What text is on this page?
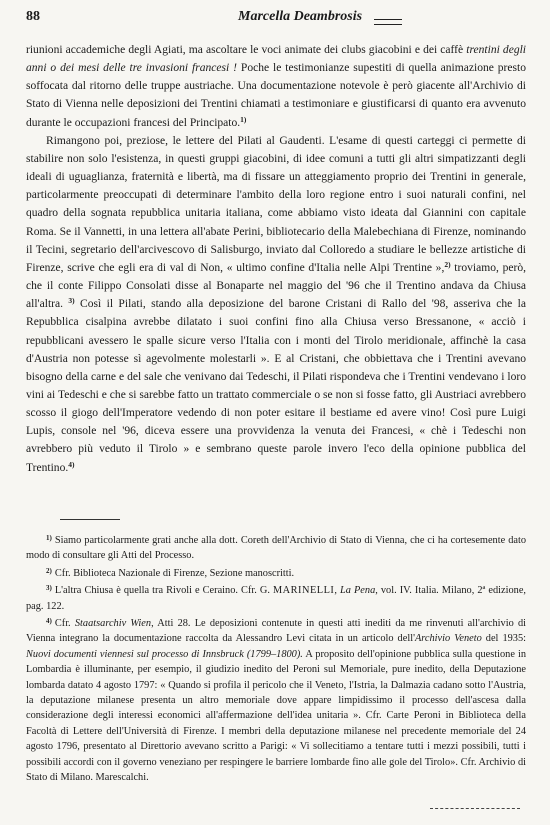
88	Marcella Deambrosis

riunioni accademiche degli Agiati, ma ascoltare le voci animate dei clubs giacobini e dei caffè trentini degli anni o dei mesi delle tre invasioni francesi ! Poche le testimonianze supestiti di quella animazione presto soffocata dal ritorno delle truppe austriache. Una documentazione notevole è però giacente all'Archivio di Stato di Vienna nelle deposizioni dei Trentini chiamati a testimoniare e giustificarsi di quanto era avvenuto durante le occupazioni francesi del Principato.$^{1)}$

Rimangono poi, preziose, le lettere del Pilati al Gaudenti. L'esame di questi carteggi ci permette di stabilire non solo l'esistenza, in questi gruppi giacobini, di idee comuni a tutti gli altri simpatizzanti degli ideali di uguaglianza, fraternità e libertà, ma di fissare un atteggiamento proprio dei Trentini in generale, particolarmente preoccupati di determinare l'ambito della loro regione entro i suoi naturali confini, nel quadro della sognata repubblica unitaria italiana, come abbiamo visto ideata dal Giannini con capitale Roma. Se il Vannetti, in una lettera all'abate Perini, bibliotecario della Malebechiana di Firenze, nominando il Tecini, segretario dell'arcivescovo di Salisburgo, inviato dal Colloredo a studiare le bellezze artistiche di Firenze, scrive che egli era di val di Non, « ultimo confine d'Italia nelle Alpi Trentine »,$^{2)}$ troviamo, però, che il conte Filippo Consolati disse al Bonaparte nel maggio del '96 che il Trentino andava da Chiusa all'altra. $^{3)}$ Così il Pilati, stando alla deposizione del barone Cristani di Rallo del '98, asseriva che la Repubblica cisalpina avrebbe dilatato i suoi confini fino alla Chiusa verso Bressanone, « acciò i repubblicani avessero le spalle sicure verso l'Italia con i monti del Tirolo meridionale, affinchè la casa d'Austria non potesse sì agevolmente molestarli ». E al Cristani, che obbiettava che i Trentini avevano bisogno della carne e del sale che venivano dai Tedeschi, il Pilati rispondeva che i Trentini vendevano i loro vini ai Tedeschi e che si sarebbe fatto un trattato commerciale o se non si fosse fatto, gli Austriaci avrebbero scosso il giogo dell'Imperatore vedendo di non poter esitare il bestiame ed avere vino! Così pure Luigi Lupis, console nel '96, diceva essere una provvidenza la venuta dei Francesi, « chè i Tedeschi non avrebbero più veduto il Tirolo » e sembrano queste parole invero l'eco della opinione pubblica del Trentino.$^{4)}$

$^{1)}$ Siamo particolarmente grati anche alla dott. Coreth dell'Archivio di Stato di Vienna, che ci ha cortesemente dato modo di consultare gli Atti del Processo.

$^{2)}$ Cfr. Biblioteca Nazionale di Firenze, Sezione manoscritti.

$^{3)}$ L'altra Chiusa è quella tra Rivoli e Ceraino. Cfr. G. MARINELLI, La Pena, vol. IV. Italia. Milano, 2ª edizione, pag. 122.

$^{4)}$ Cfr. Staatsarchiv Wien, Atti 28. Le deposizioni contenute in questi atti inediti da me rinvenuti all'archivio di Vienna integrano la documentazione raccolta da Alessandro Levi citata in un articolo dell'Archivio Veneto del 1935: Nuovi documenti viennesi sul processo di Innsbruck (1799–1800). A proposito dell'opinione pubblica sulla questione in Lombardia è illuminante, per esempio, il giudizio inedito del Peroni sul Memoriale, pure inedito, della Deputazione lombarda datato 4 agosto 1797: « Quando si profila il pericolo che il Veneto, l'Istria, la Dalmazia cadano sotto l'Austria, la deputazione milanese presenta un altro memoriale dove appare limpidissimo il processo dell'ascesa dalla considerazione degli interessi economici all'affermazione dell'idea unitaria ». Cfr. Carte Peroni in Biblioteca della Facoltà di Lettere dell'Università di Firenze. I membri della deputazione milanese nel precedente memoriale del 24 agosto 1796, presentato al Direttorio avevano scritto a Parigi: « Vi sollecitiamo a tentare tutti i mezzi possibili, tutti i possibili accordi con il governo veneziano per respingere le barriere lombarde fino alle gole del Tirolo». Cfr. Archivio di Stato di Milano. Marescalchi.
